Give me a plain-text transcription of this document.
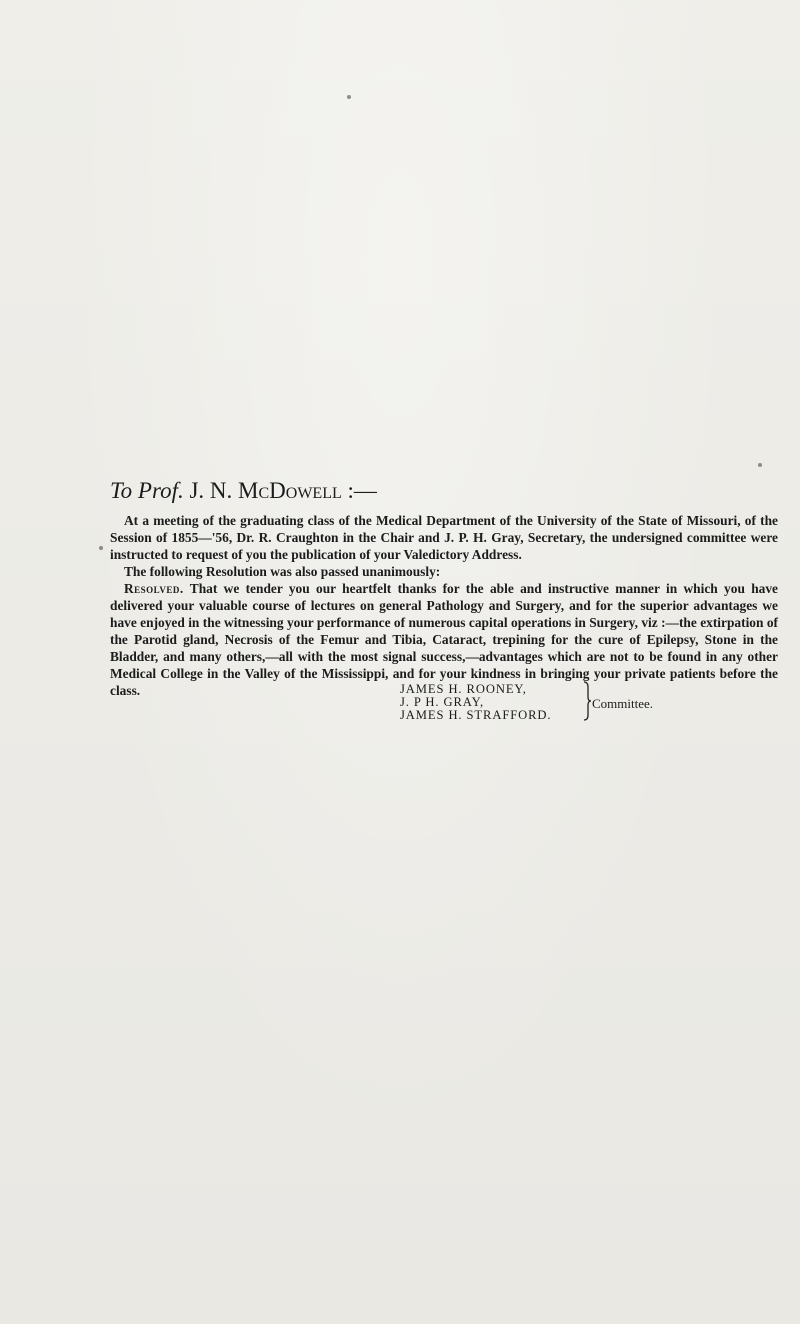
To Prof. J. N. McDowell :—

At a meeting of the graduating class of the Medical Department of the University of the State of Missouri, of the Session of 1855—'56, Dr. R. Craughton in the Chair and J. P. H. Gray, Secretary, the undersigned committee were instructed to request of you the publication of your Valedictory Address.

The following Resolution was also passed unanimously:

Resolved. That we tender you our heartfelt thanks for the able and instructive manner in which you have delivered your valuable course of lectures on general Pathology and Surgery, and for the superior advantages we have enjoyed in the witnessing your performance of numerous capital operations in Surgery, viz :—the extirpation of the Parotid gland, Necrosis of the Femur and Tibia, Cataract, trepining for the cure of Epilepsy, Stone in the Bladder, and many others,—all with the most signal success,—advantages which are not to be found in any other Medical College in the Valley of the Mississippi, and for your kindness in bringing your private patients before the class.	JAMES H. ROONEY,
J. P H. GRAY,
JAMES H. STRAFFORD.
Committee.
